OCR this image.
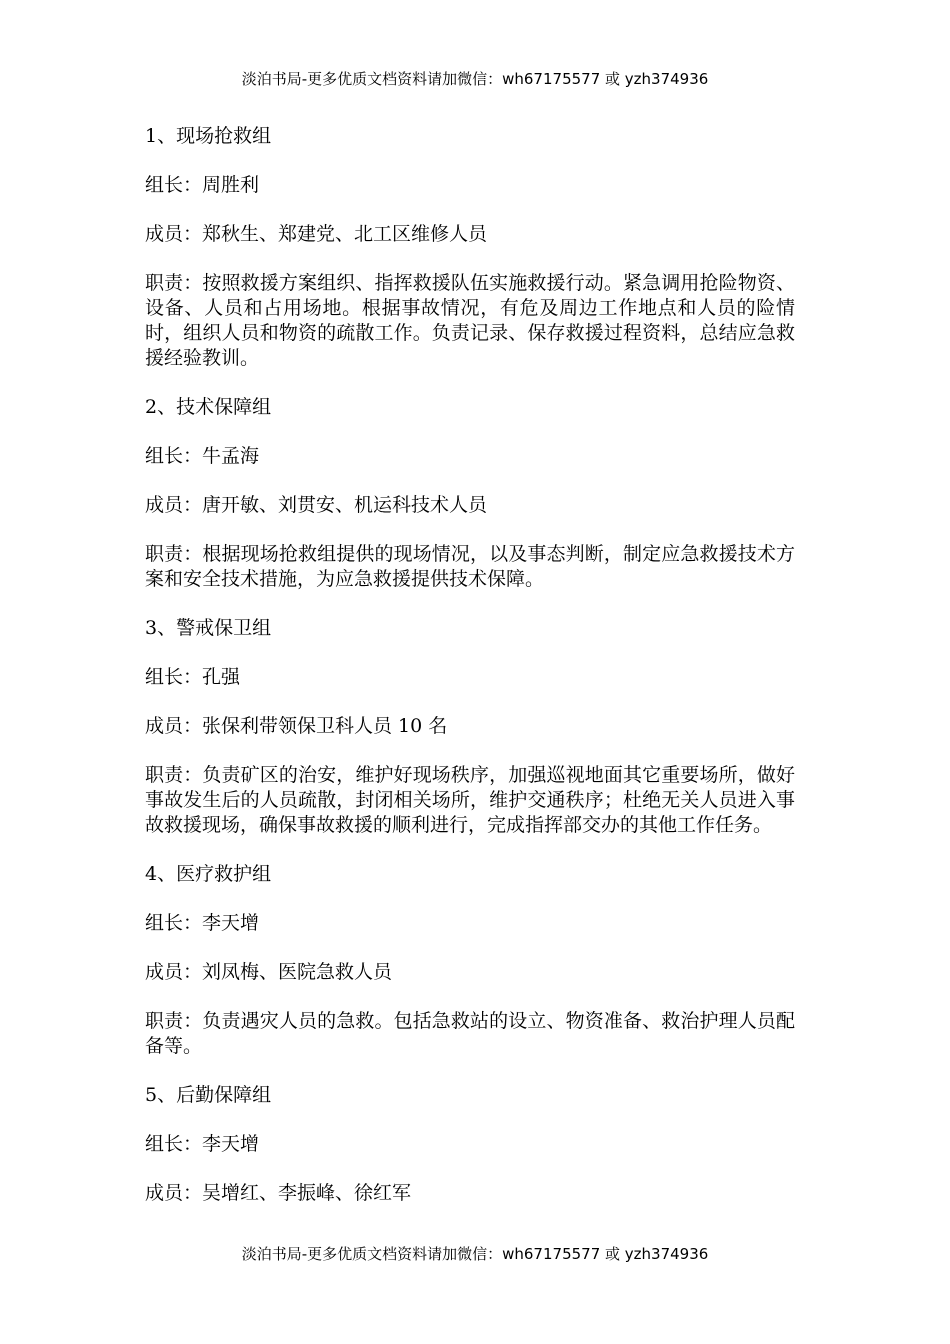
淡泊书局-更多优质文档资料请加微信：wh67175577 或 yzh374936

1、现场抢救组

组长：周胜利

成员：郑秋生、郑建党、北工区维修人员

职责：按照救援方案组织、指挥救援队伍实施救援行动。紧急调用抢险物资、设备、人员和占用场地。根据事故情况，有危及周边工作地点和人员的险情时，组织人员和物资的疏散工作。负责记录、保存救援过程资料，总结应急救援经验教训。

2、技术保障组

组长：牛孟海

成员：唐开敏、刘贯安、机运科技术人员

职责：根据现场抢救组提供的现场情况，以及事态判断，制定应急救援技术方案和安全技术措施，为应急救援提供技术保障。

3、警戒保卫组

组长：孔强

成员：张保利带领保卫科人员 10 名

职责：负责矿区的治安，维护好现场秩序，加强巡视地面其它重要场所，做好事故发生后的人员疏散，封闭相关场所，维护交通秩序；杜绝无关人员进入事故救援现场，确保事故救援的顺利进行，完成指挥部交办的其他工作任务。

4、医疗救护组

组长：李天增

成员：刘凤梅、医院急救人员

职责：负责遇灾人员的急救。包括急救站的设立、物资准备、救治护理人员配备等。

5、后勤保障组

组长：李天增

成员：吴增红、李振峰、徐红军

淡泊书局-更多优质文档资料请加微信：wh67175577 或 yzh374936
